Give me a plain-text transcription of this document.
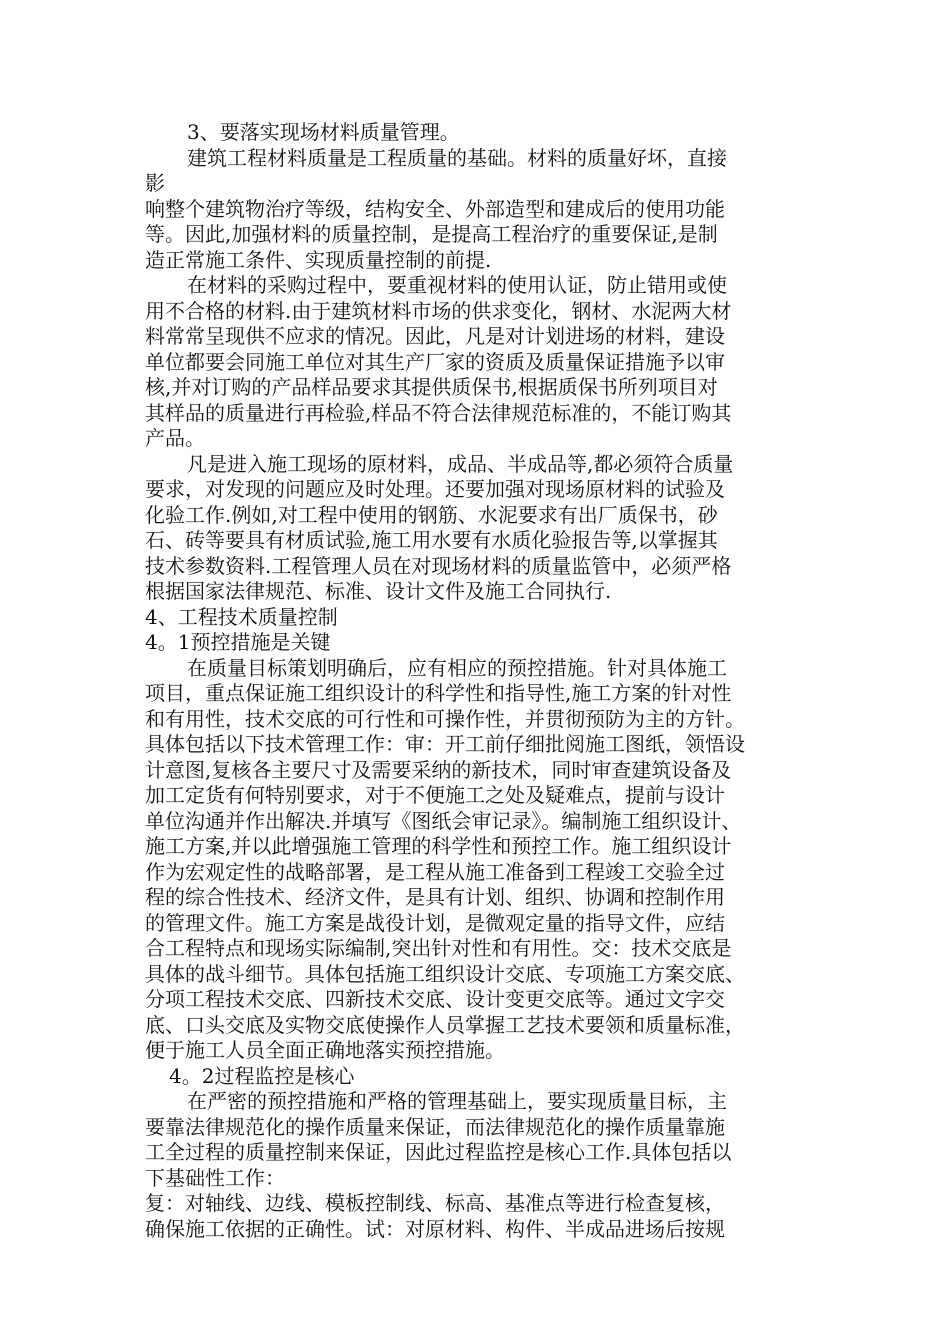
3、要落实现场材料质量管理。
建筑工程材料质量是工程质量的基础。材料的质量好坏，直接
影
响整个建筑物治疗等级，结构安全、外部造型和建成后的使用功能
等。因此,加强材料的质量控制，是提高工程治疗的重要保证,是制
造正常施工条件、实现质量控制的前提.
在材料的采购过程中，要重视材料的使用认证，防止错用或使
用不合格的材料.由于建筑材料市场的供求变化，钢材、水泥两大材
料常常呈现供不应求的情况。因此，凡是对计划进场的材料，建设
单位都要会同施工单位对其生产厂家的资质及质量保证措施予以审
核,并对订购的产品样品要求其提供质保书,根据质保书所列项目对
其样品的质量进行再检验,样品不符合法律规范标准的，不能订购其
产品。
凡是进入施工现场的原材料，成品、半成品等,都必须符合质量
要求，对发现的问题应及时处理。还要加强对现场原材料的试验及
化验工作.例如,对工程中使用的钢筋、水泥要求有出厂质保书，砂
石、砖等要具有材质试验,施工用水要有水质化验报告等,以掌握其
技术参数资料.工程管理人员在对现场材料的质量监管中，必须严格
根据国家法律规范、标准、设计文件及施工合同执行.
4、工程技术质量控制
4。1预控措施是关键
在质量目标策划明确后，应有相应的预控措施。针对具体施工
项目，重点保证施工组织设计的科学性和指导性,施工方案的针对性
和有用性，技术交底的可行性和可操作性，并贯彻预防为主的方针。
具体包括以下技术管理工作：审：开工前仔细批阅施工图纸，领悟设
计意图,复核各主要尺寸及需要采纳的新技术，同时审查建筑设备及
加工定货有何特别要求，对于不便施工之处及疑难点，提前与设计
单位沟通并作出解决.并填写《图纸会审记录》。编制施工组织设计、
施工方案,并以此增强施工管理的科学性和预控工作。施工组织设计
作为宏观定性的战略部署，是工程从施工准备到工程竣工交验全过
程的综合性技术、经济文件，是具有计划、组织、协调和控制作用
的管理文件。施工方案是战役计划，是微观定量的指导文件，应结
合工程特点和现场实际编制,突出针对性和有用性。交：技术交底是
具体的战斗细节。具体包括施工组织设计交底、专项施工方案交底、
分项工程技术交底、四新技术交底、设计变更交底等。通过文字交
底、口头交底及实物交底使操作人员掌握工艺技术要领和质量标准，
便于施工人员全面正确地落实预控措施。
4。2过程监控是核心
在严密的预控措施和严格的管理基础上，要实现质量目标，主
要靠法律规范化的操作质量来保证，而法律规范化的操作质量靠施
工全过程的质量控制来保证，因此过程监控是核心工作.具体包括以
下基础性工作：
复：对轴线、边线、模板控制线、标高、基准点等进行检查复核，
确保施工依据的正确性。试：对原材料、构件、半成品进场后按规
